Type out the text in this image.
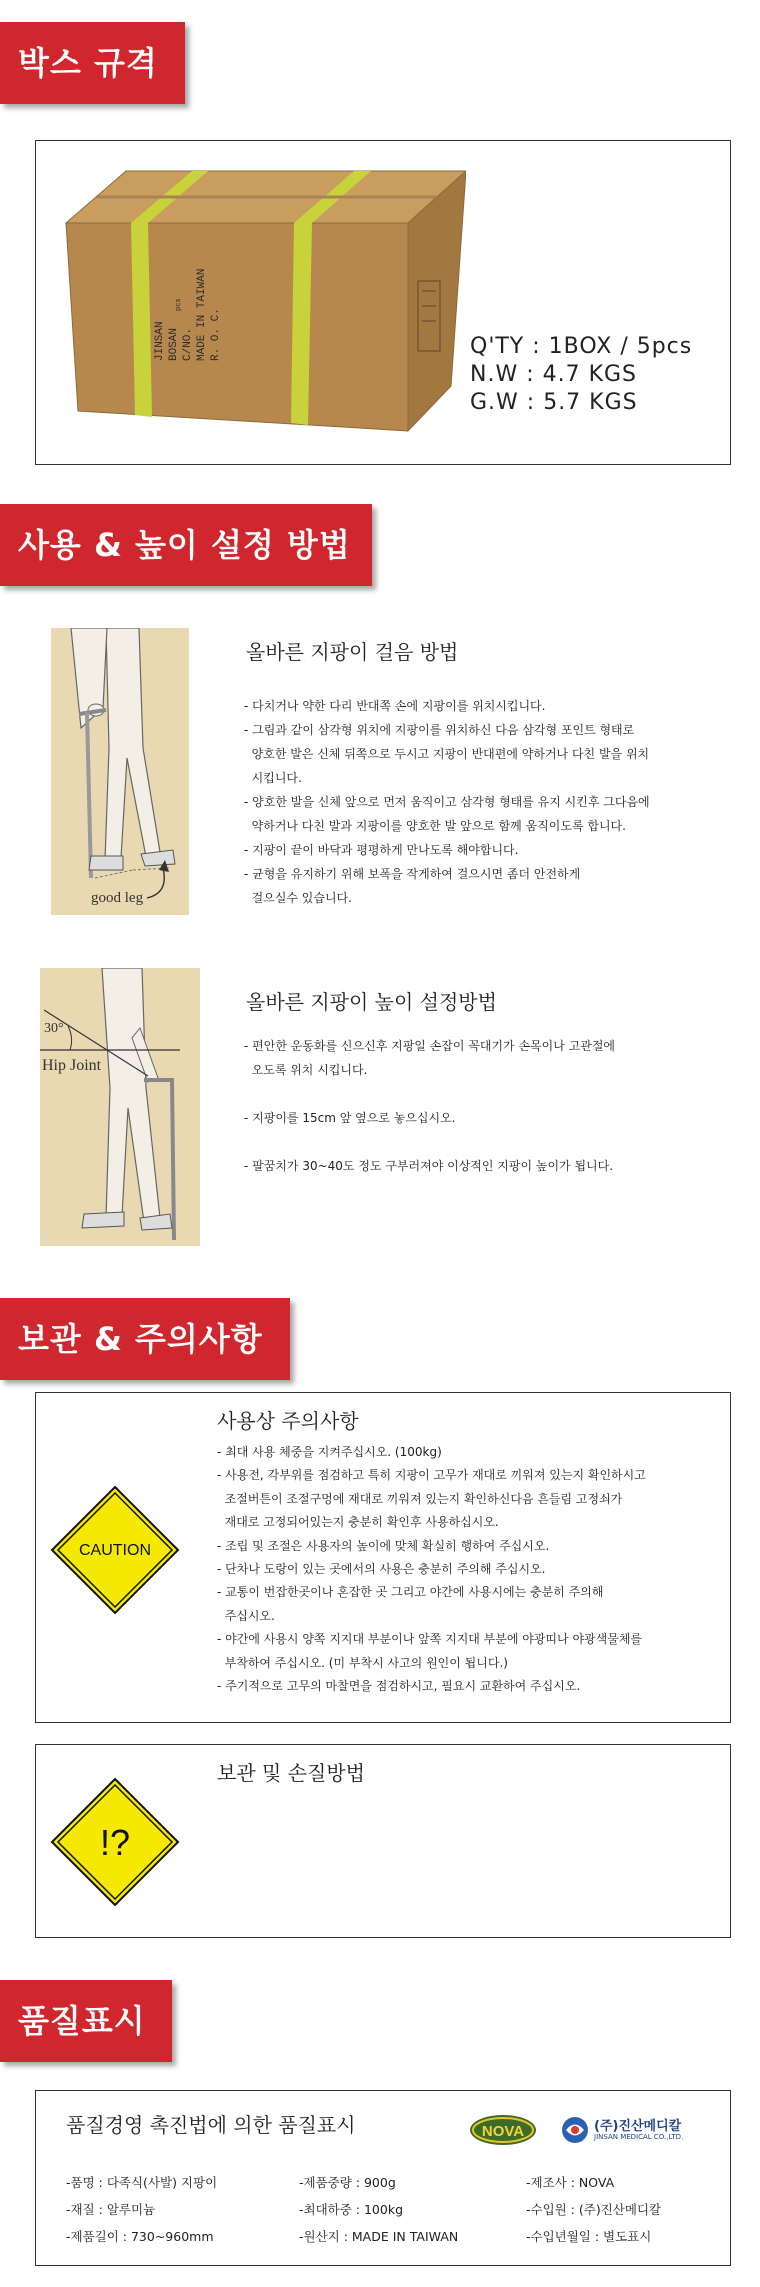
박스 규격
JINSAN BOSAN C/NO. MADE IN TAIWAN R. O. C.
pcs
Q'TY : 1BOX / 5pcs
N.W : 4.7 KGS
G.W : 5.7 KGS
사용 & 높이 설정 방법
good leg
올바른 지팡이 걸음 방법
- 다치거나 약한 다리 반대쪽 손에 지팡이를 위치시킵니다.
- 그림과 같이 삼각형 위치에 지팡이를 위치하신 다음 삼각형 포인트 형태로
양호한 발은 신체 뒤쪽으로 두시고 지팡이 반대편에 약하거나 다친 발을 위치
시킵니다.
- 양호한 발을 신체 앞으로 먼저 움직이고 삼각형 형태를 유지 시킨후 그다음에
약하거나 다친 발과 지팡이를 양호한 발 앞으로 함께 움직이도록 합니다.
- 지팡이 끝이 바닥과 평평하게 만나도록 해야합니다.
- 균형을 유지하기 위해 보폭을 작게하여 걸으시면 좀더 안전하게
걸으실수 있습니다.
30°
Hip Joint
올바른 지팡이 높이 설정방법
- 편안한 운동화를 신으신후 지팡일 손잡이 꼭대기가 손목이나 고관절에
오도록 위치 시킵니다.
- 지팡이를 15cm 앞 옆으로 놓으십시오.
- 팔꿈치가 30~40도 정도 구부러져야 이상적인 지팡이 높이가 됩니다.
보관 & 주의사항
CAUTION
사용상 주의사항
- 최대 사용 체중을 지켜주십시오. (100kg)
- 사용전, 각부위를 점검하고 특히 지팡이 고무가 재대로 끼워져 있는지 확인하시고
조절버튼이 조절구멍에 재대로 끼워져 있는지 확인하신다음 흔들림 고정쇠가
재대로 고정되어있는지 충분히 확인후 사용하십시오.
- 조립 및 조절은 사용자의 높이에 맞체 확실히 행하여 주십시오.
- 단차나 도랑이 있는 곳에서의 사용은 충분히 주의해 주십시오.
- 교통이 번잡한곳이나 혼잡한 곳 그리고 야간에 사용시에는 충분히 주의해
주십시오.
- 야간에 사용시 양쪽 지지대 부분이나 앞쪽 지지대 부분에 야광띠나 야광색물체를
부착하여 주십시오. (미 부착시 사고의 원인이 됩니다.)
- 주기적으로 고무의 마찰면을 점검하시고, 필요시 교환하여 주십시오.
!?
보관 및 손질방법
품질표시
품질경영 촉진법에 의한 품질표시	NOVA	(주)진산메디칼
JINSAN MEDICAL CO.,LTD.
-품명 : 다족식(사발) 지팡이
-재질 : 알루미늄
-제품길이 : 730~960mm
-제품중량 : 900g
-최대하중 : 100kg
-원산지 : MADE IN TAIWAN
-제조사 : NOVA
-수입원 : (주)진산메디칼
-수입년월일 : 별도표시
